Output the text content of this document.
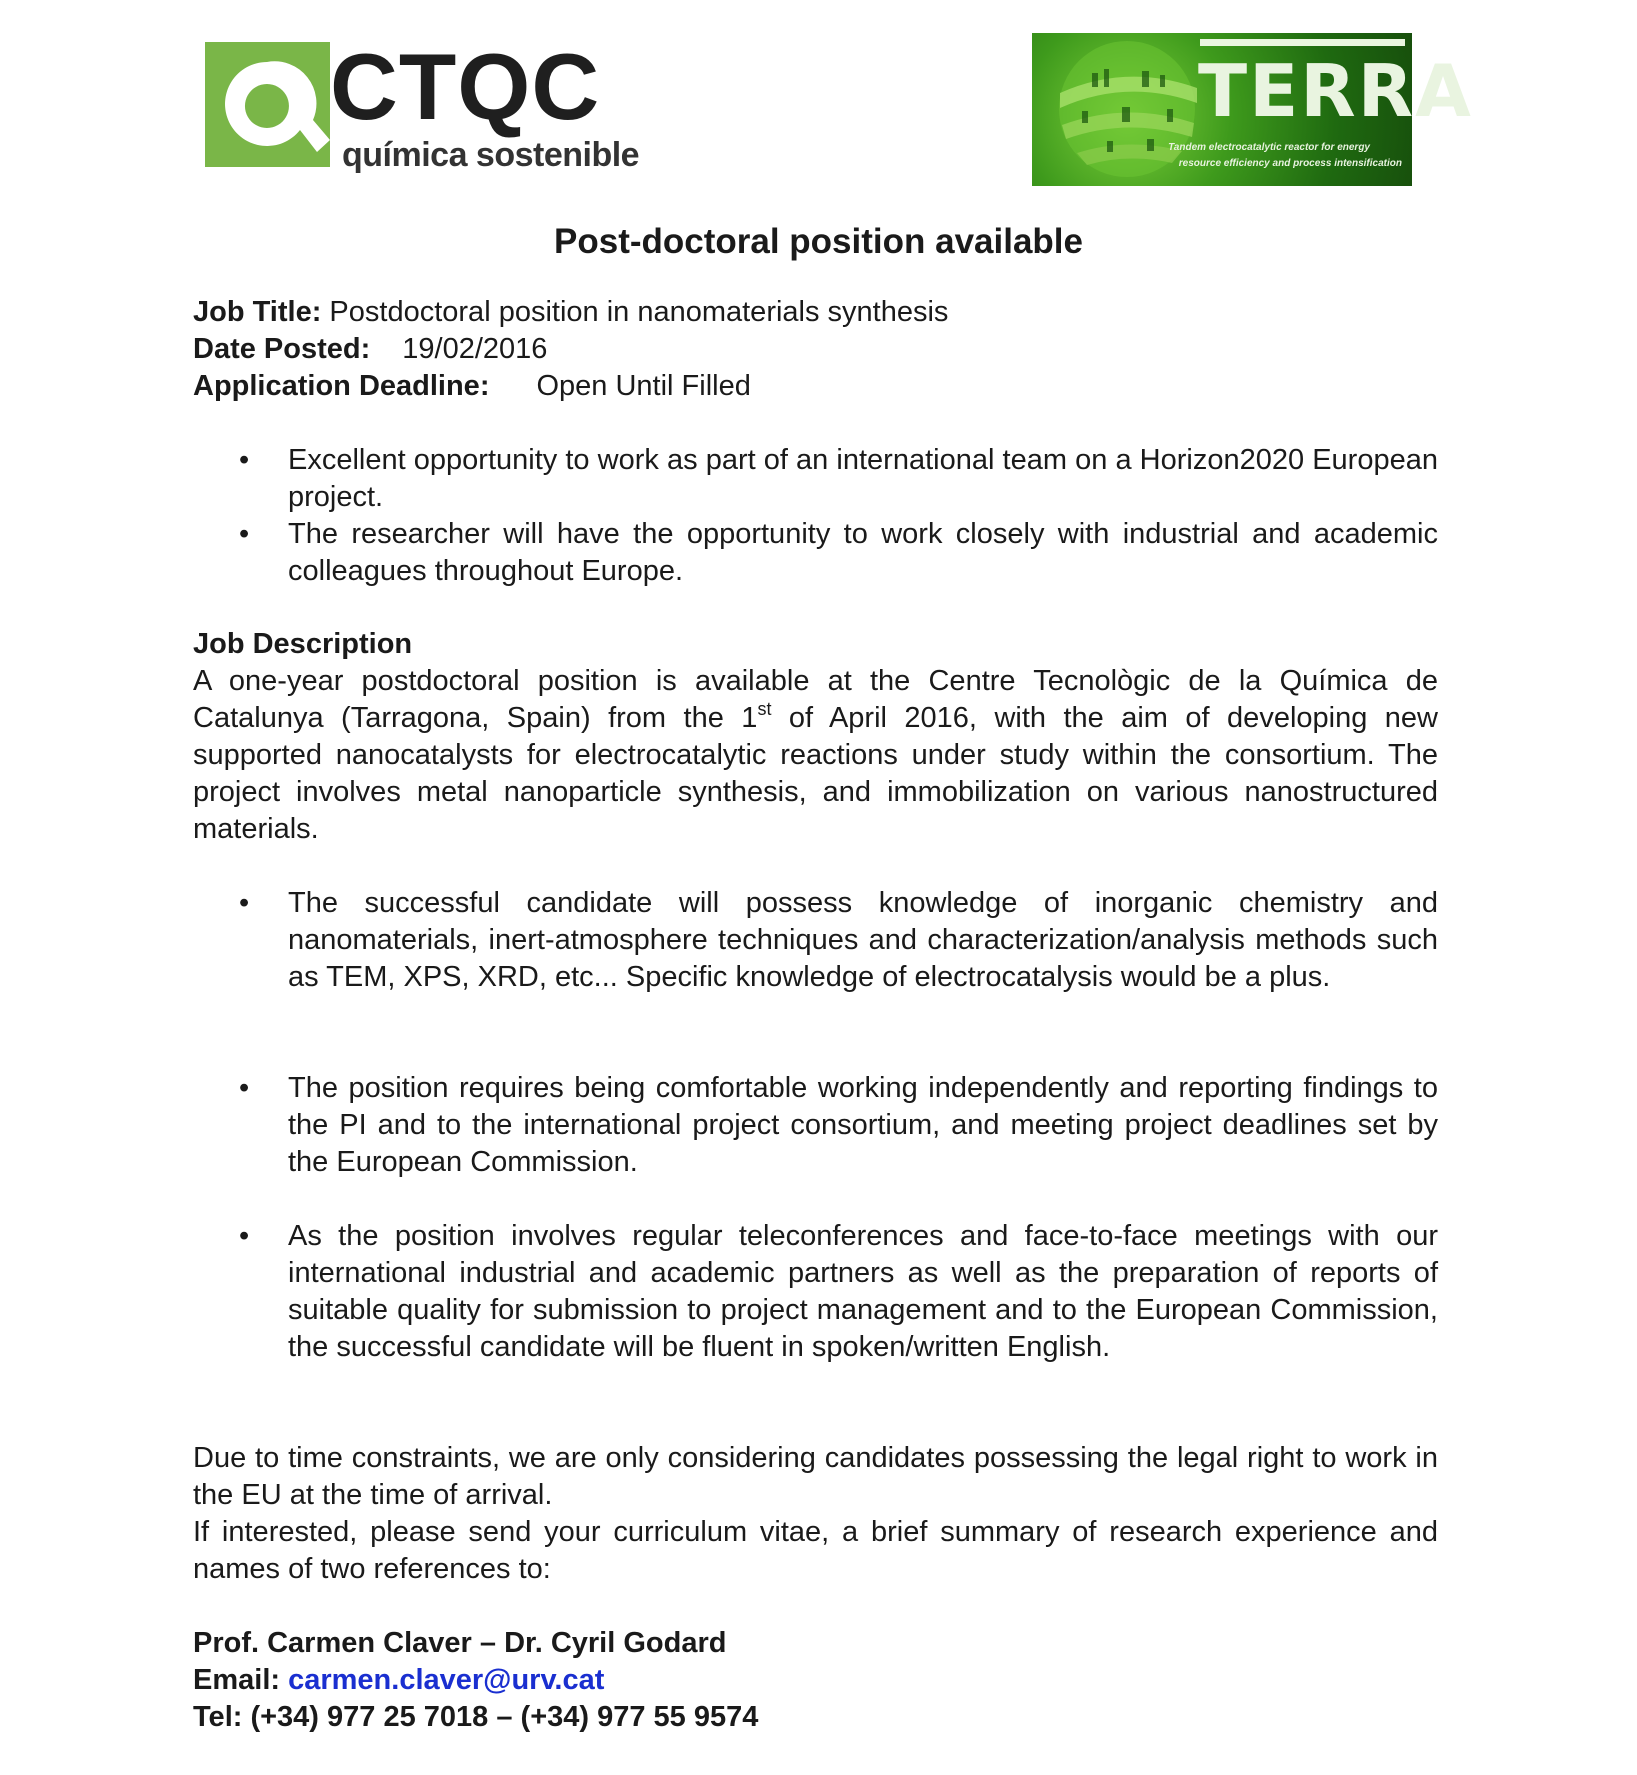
CTQC
química sostenible
TERRA
Tandem electrocatalytic reactor for energy
resource efficiency and process intensification
Post-doctoral position available
Job Title: Postdoctoral position in nanomaterials synthesis
Date Posted: 19/02/2016
Application Deadline: Open Until Filled
• Excellent opportunity to work as part of an international team on a Horizon2020 European project.
• The researcher will have the opportunity to work closely with industrial and academic colleagues throughout Europe.
Job Description
A one-year postdoctoral position is available at the Centre Tecnològic de la Química de Catalunya (Tarragona, Spain) from the 1st of April 2016, with the aim of developing new supported nanocatalysts for electrocatalytic reactions under study within the consortium. The project involves metal nanoparticle synthesis, and immobilization on various nanostructured materials.
• The successful candidate will possess knowledge of inorganic chemistry and nanomaterials, inert-atmosphere techniques and characterization/analysis methods such as TEM, XPS, XRD, etc... Specific knowledge of electrocatalysis would be a plus.
• The position requires being comfortable working independently and reporting findings to the PI and to the international project consortium, and meeting project deadlines set by the European Commission.
• As the position involves regular teleconferences and face-to-face meetings with our international industrial and academic partners as well as the preparation of reports of suitable quality for submission to project management and to the European Commission, the successful candidate will be fluent in spoken/written English.
Due to time constraints, we are only considering candidates possessing the legal right to work in the EU at the time of arrival.
If interested, please send your curriculum vitae, a brief summary of research experience and names of two references to:
Prof. Carmen Claver – Dr. Cyril Godard
Email: carmen.claver@urv.cat
Tel: (+34) 977 25 7018 – (+34) 977 55 9574
